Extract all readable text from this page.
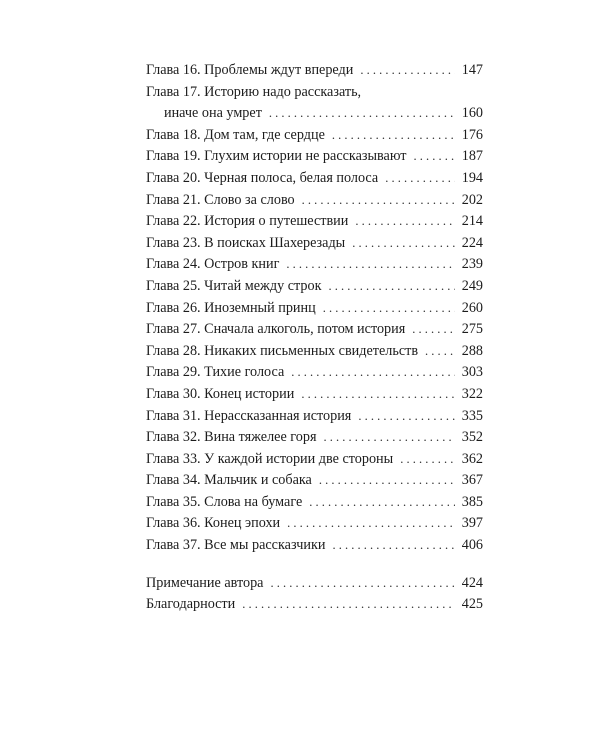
Глава 16. Проблемы ждут впереди . . .	147
Глава 17. Историю надо рассказать,
иначе она умрет . . .	160
Глава 18. Дом там, где сердце . . .	176
Глава 19. Глухим истории не рассказывают . . .	187
Глава 20. Черная полоса, белая полоса . . .	194
Глава 21. Слово за слово . . .	202
Глава 22. История о путешествии . . .	214
Глава 23. В поисках Шахерезады . . .	224
Глава 24. Остров книг . . .	239
Глава 25. Читай между строк . . .	249
Глава 26. Иноземный принц . . .	260
Глава 27. Сначала алкоголь, потом история . . .	275
Глава 28. Никаких письменных свидетельств . . .	288
Глава 29. Тихие голоса . . .	303
Глава 30. Конец истории . . .	322
Глава 31. Нерассказанная история . . .	335
Глава 32. Вина тяжелее горя . . .	352
Глава 33. У каждой истории две стороны . . .	362
Глава 34. Мальчик и собака . . .	367
Глава 35. Слова на бумаге . . .	385
Глава 36. Конец эпохи . . .	397
Глава 37. Все мы рассказчики . . .	406
Примечание автора . . .	424
Благодарности . . .	425
